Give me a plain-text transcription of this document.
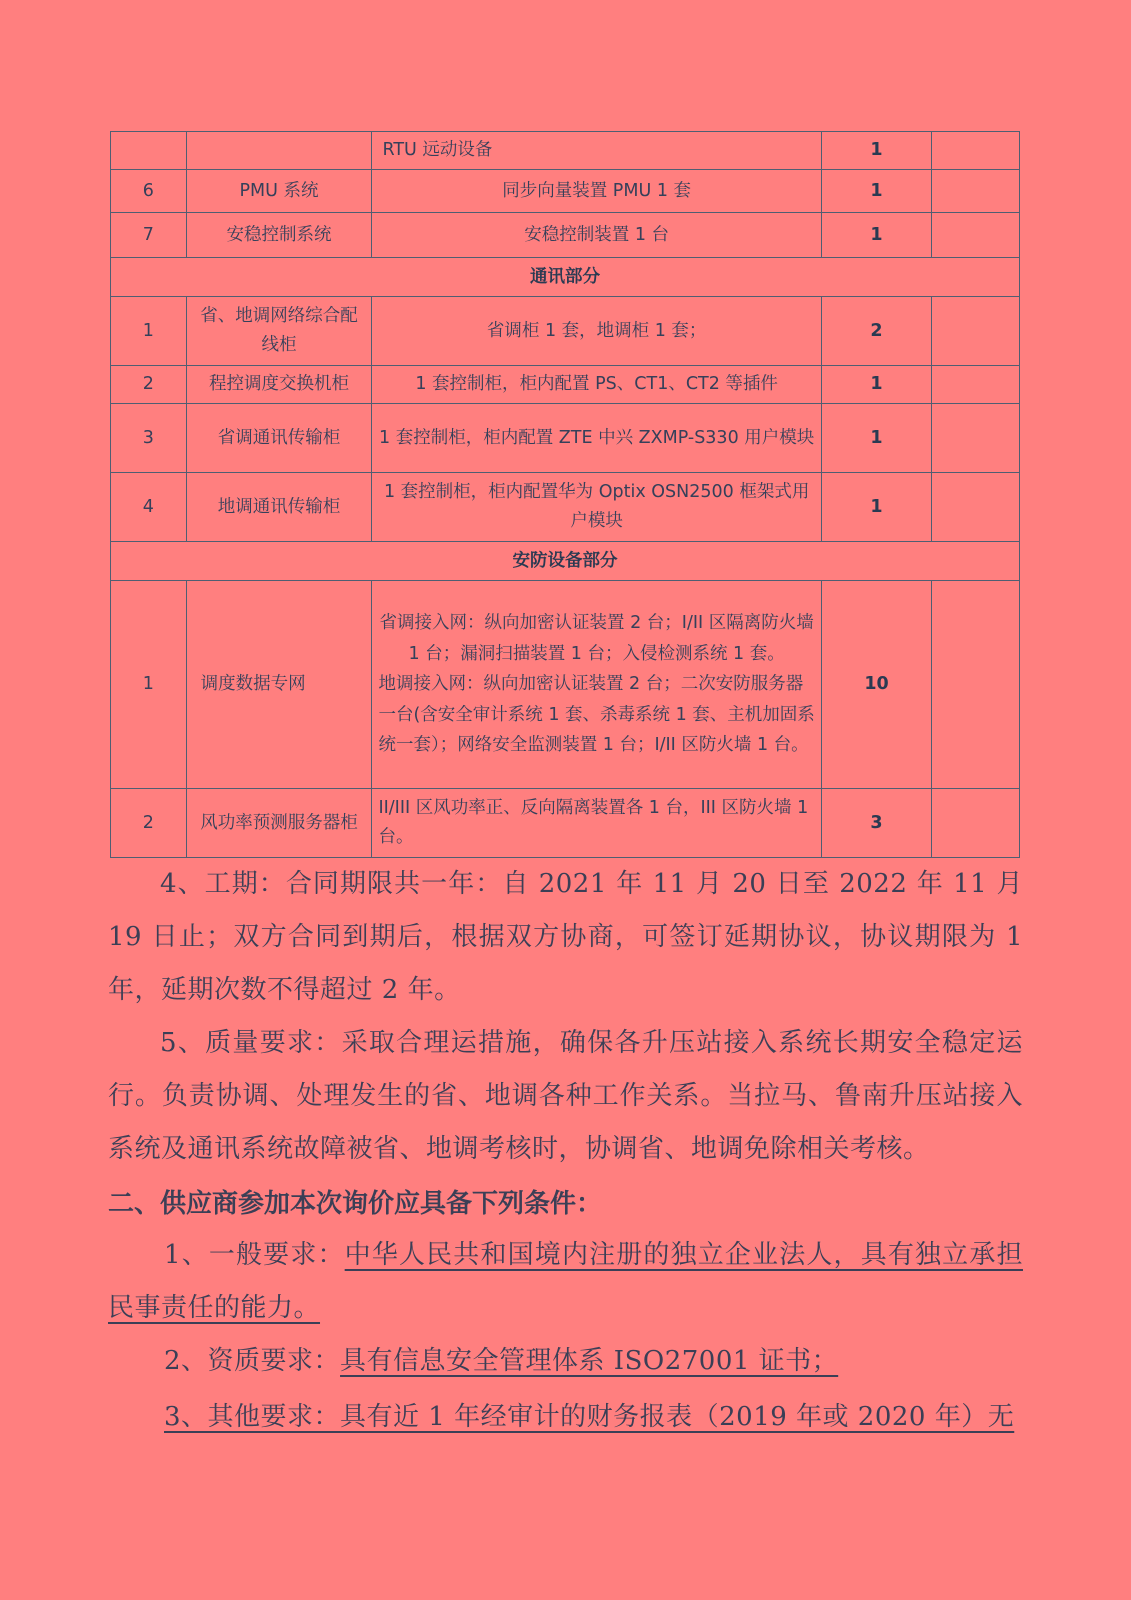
		RTU 远动设备	1	
6	PMU 系统	同步向量装置 PMU 1 套	1	
7	安稳控制系统	安稳控制装置 1 台	1	
通讯部分				
1	省、地调网络综合配线柜	省调柜 1 套，地调柜 1 套；	2	
2	程控调度交换机柜	1 套控制柜，柜内配置 PS、CT1、CT2 等插件	1	
3	省调通讯传输柜	1 套控制柜，柜内配置 ZTE 中兴 ZXMP-S330 用户模块	1	
4	地调通讯传输柜	1 套控制柜，柜内配置华为 Optix OSN2500 框架式用户模块	1	
安防设备部分				
1	调度数据专网	省调接入网：纵向加密认证装置 2 台；I/II 区隔离防火墙 1 台；漏洞扫描装置 1 台；入侵检测系统 1 套。
地调接入网：纵向加密认证装置 2 台；二次安防服务器一台(含安全审计系统 1 套、杀毒系统 1 套、主机加固系统一套）；网络安全监测装置 1 台；I/II 区防火墙 1 台。	10	
2	风功率预测服务器柜	II/III 区风功率正、反向隔离装置各 1 台，III 区防火墙 1 台。	3	

4、工期：合同期限共一年：自 2021 年 11 月 20 日至 2022 年 11 月 19 日止；双方合同到期后，根据双方协商，可签订延期协议，协议期限为 1 年，延期次数不得超过 2 年。

5、质量要求：采取合理运措施，确保各升压站接入系统长期安全稳定运行。负责协调、处理发生的省、地调各种工作关系。当拉马、鲁南升压站接入系统及通讯系统故障被省、地调考核时，协调省、地调免除相关考核。

二、供应商参加本次询价应具备下列条件：

1、一般要求：中华人民共和国境内注册的独立企业法人，具有独立承担民事责任的能力。

2、资质要求：具有信息安全管理体系 ISO27001 证书；

3、其他要求：具有近 1 年经审计的财务报表（2019 年或 2020 年）无
